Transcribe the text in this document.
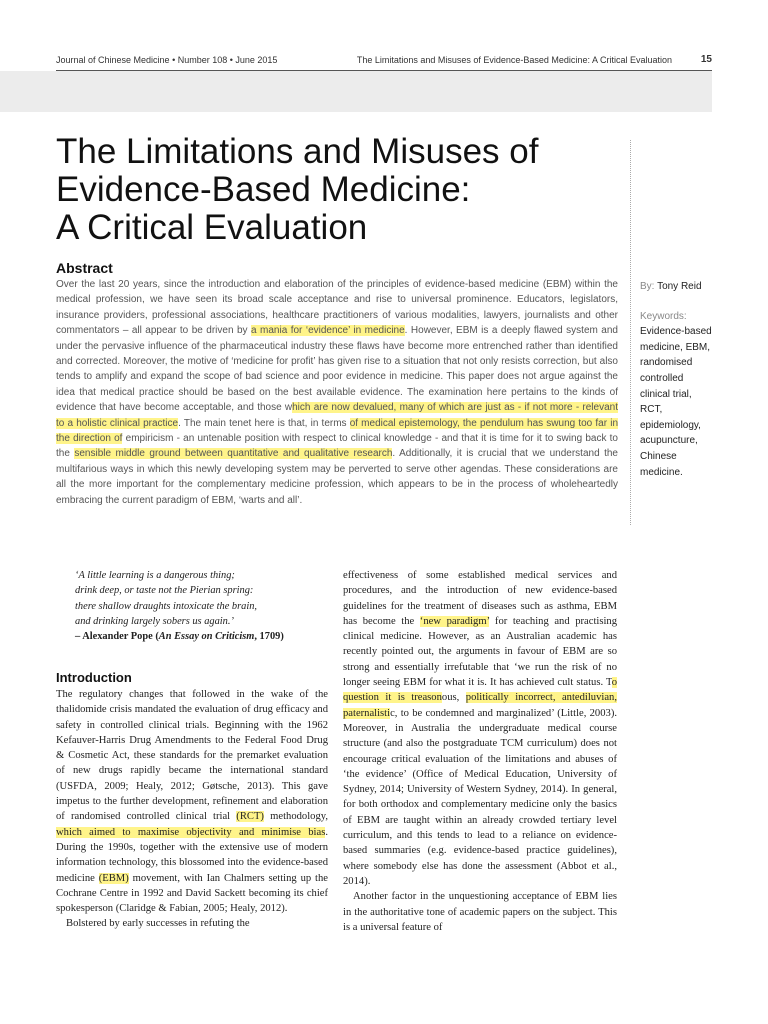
Journal of Chinese Medicine • Number 108 • June 2015	The Limitations and Misuses of Evidence-Based Medicine: A Critical Evaluation	15
The Limitations and Misuses of
Evidence-Based Medicine:
A Critical Evaluation
Abstract

Over the last 20 years, since the introduction and elaboration of the principles of evidence-based medicine (EBM) within the medical profession, we have seen its broad scale acceptance and rise to universal prominence. Educators, legislators, insurance providers, professional associations, healthcare practitioners of various modalities, lawyers, journalists and other commentators – all appear to be driven by a mania for ‘evidence’ in medicine. However, EBM is a deeply flawed system and under the pervasive influence of the pharmaceutical industry these flaws have become more entrenched rather than identified and corrected. Moreover, the motive of ‘medicine for profit’ has given rise to a situation that not only resists correction, but also tends to amplify and expand the scope of bad science and poor evidence in medicine. This paper does not argue against the idea that medical practice should be based on the best available evidence. The examination here pertains to the kinds of evidence that have become acceptable, and those which are now devalued, many of which are just as - if not more - relevant to a holistic clinical practice. The main tenet here is that, in terms of medical epistemology, the pendulum has swung too far in the direction of empiricism - an untenable position with respect to clinical knowledge - and that it is time for it to swing back to the sensible middle ground between quantitative and qualitative research. Additionally, it is crucial that we understand the multifarious ways in which this newly developing system may be perverted to serve other agendas. These considerations are all the more important for the complementary medicine profession, which appears to be in the process of wholeheartedly embracing the current paradigm of EBM, ‘warts and all’.

By: Tony Reid

Keywords:

Evidence-based
medicine, EBM,
randomised
controlled
clinical trial, RCT,
epidemiology,
acupuncture,
Chinese medicine.

‘A little learning is a dangerous thing;
drink deep, or taste not the Pierian spring:
there shallow draughts intoxicate the brain,
and drinking largely sobers us again.’
– Alexander Pope (An Essay on Criticism, 1709)
Introduction

The regulatory changes that followed in the wake of the thalidomide crisis mandated the evaluation of drug efficacy and safety in controlled clinical trials. Beginning with the 1962 Kefauver-Harris Drug Amendments to the Federal Food Drug & Cosmetic Act, these standards for the premarket evaluation of new drugs rapidly became the international standard (USFDA, 2009; Healy, 2012; Gøtsche, 2013). This gave impetus to the further development, refinement and elaboration of randomised controlled clinical trial (RCT) methodology, which aimed to maximise objectivity and minimise bias. During the 1990s, together with the extensive use of modern information technology, this blossomed into the evidence-based medicine (EBM) movement, with Ian Chalmers setting up the Cochrane Centre in 1992 and David Sackett becoming its chief spokesperson (Claridge & Fabian, 2005; Healy, 2012).

Bolstered by early successes in refuting the

effectiveness of some established medical services and procedures, and the introduction of new evidence-based guidelines for the treatment of diseases such as asthma, EBM has become the ‘new paradigm’ for teaching and practising clinical medicine. However, as an Australian academic has recently pointed out, the arguments in favour of EBM are so strong and essentially irrefutable that ‘we run the risk of no longer seeing EBM for what it is. It has achieved cult status. To question it is treasonous, politically incorrect, antediluvian, paternalistic, to be condemned and marginalized’ (Little, 2003). Moreover, in Australia the undergraduate medical course structure (and also the postgraduate TCM curriculum) does not encourage critical evaluation of the limitations and abuses of ‘the evidence’ (Office of Medical Education, University of Sydney, 2014; University of Western Sydney, 2014). In general, for both orthodox and complementary medicine only the basics of EBM are taught within an already crowded tertiary level curriculum, and this tends to lead to a reliance on evidence-based summaries (e.g. evidence-based practice guidelines), where somebody else has done the assessment (Abbot et al., 2014).

Another factor in the unquestioning acceptance of EBM lies in the authoritative tone of academic papers on the subject. This is a universal feature of
